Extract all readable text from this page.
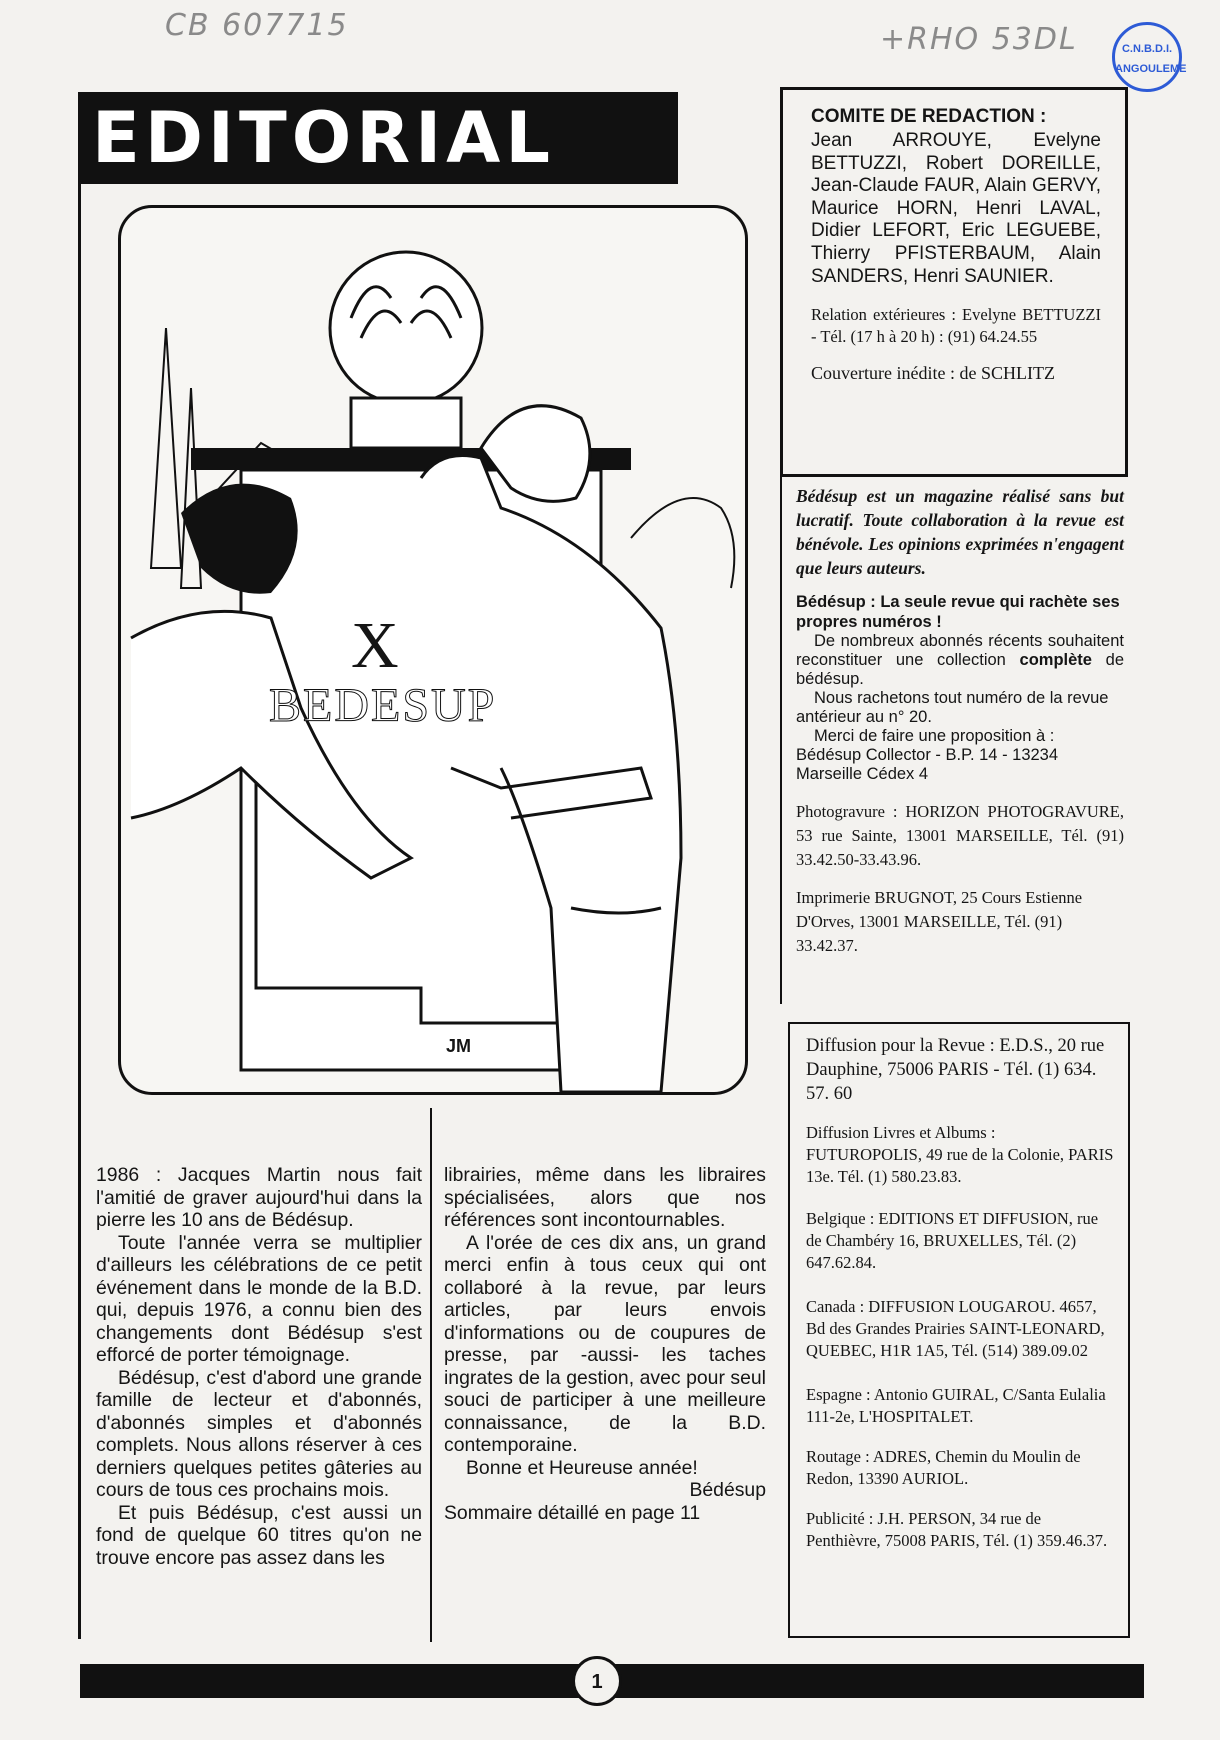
CB 607715	+RHO 53DL	C.N.B.D.I. ANGOULEME
EDITORIAL
X
BEDESUP
JM

1986 : Jacques Martin nous fait l'amitié de graver aujourd'hui dans la pierre les 10 ans de Bédésup.

Toute l'année verra se multiplier d'ailleurs les célébrations de ce petit événement dans le monde de la B.D. qui, depuis 1976, a connu bien des changements dont Bédésup s'est efforcé de porter témoignage.

Bédésup, c'est d'abord une grande famille de lecteur et d'abonnés, d'abonnés simples et d'abonnés complets. Nous allons réserver à ces derniers quelques petites gâteries au cours de tous ces prochains mois.

Et puis Bédésup, c'est aussi un fond de quelque 60 titres qu'on ne trouve encore pas assez dans les

librairies, même dans les libraires spécialisées, alors que nos références sont incontournables.

A l'orée de ces dix ans, un grand merci enfin à tous ceux qui ont collaboré à la revue, par leurs articles, par leurs envois d'informations ou de coupures de presse, par -aussi- les taches ingrates de la gestion, avec pour seul souci de participer à une meilleure connaissance, de la B.D. contemporaine.

Bonne et Heureuse année!

Bédésup

Sommaire détaillé en page 11

COMITE DE REDACTION :
Jean ARROUYE, Evelyne BETTUZZI, Robert DOREILLE, Jean-Claude FAUR, Alain GERVY, Maurice HORN, Henri LAVAL, Didier LEFORT, Eric LEGUEBE, Thierry PFISTERBAUM, Alain SANDERS, Henri SAUNIER.
Relation extérieures : Evelyne BETTUZZI - Tél. (17 h à 20 h) : (91) 64.24.55
Couverture inédite : de SCHLITZ

Bédésup est un magazine réalisé sans but lucratif. Toute collaboration à la revue est bénévole. Les opinions exprimées n'engagent que leurs auteurs.

Bédésup : La seule revue qui rachète ses propres numéros !

De nombreux abonnés récents souhaitent reconstituer une collection complète de bédésup.

Nous rachetons tout numéro de la revue antérieur au n° 20.

Merci de faire une proposition à : Bédésup Collector - B.P. 14 - 13234 Marseille Cédex 4

Photogravure : HORIZON PHOTOGRAVURE, 53 rue Sainte, 13001 MARSEILLE, Tél. (91) 33.42.50-33.43.96.

Imprimerie BRUGNOT, 25 Cours Estienne D'Orves, 13001 MARSEILLE, Tél. (91) 33.42.37.

Diffusion pour la Revue : E.D.S., 20 rue Dauphine, 75006 PARIS - Tél. (1) 634. 57. 60

Diffusion Livres et Albums : FUTUROPOLIS, 49 rue de la Colonie, PARIS 13e. Tél. (1) 580.23.83.

Belgique : EDITIONS ET DIFFUSION, rue de Chambéry 16, BRUXELLES, Tél. (2) 647.62.84.

Canada : DIFFUSION LOUGAROU. 4657, Bd des Grandes Prairies SAINT-LEONARD, QUEBEC, H1R 1A5, Tél. (514) 389.09.02

Espagne : Antonio GUIRAL, C/Santa Eulalia 111-2e, L'HOSPITALET.

Routage : ADRES, Chemin du Moulin de Redon, 13390 AURIOL.

Publicité : J.H. PERSON, 34 rue de Penthièvre, 75008 PARIS, Tél. (1) 359.46.37.

1
